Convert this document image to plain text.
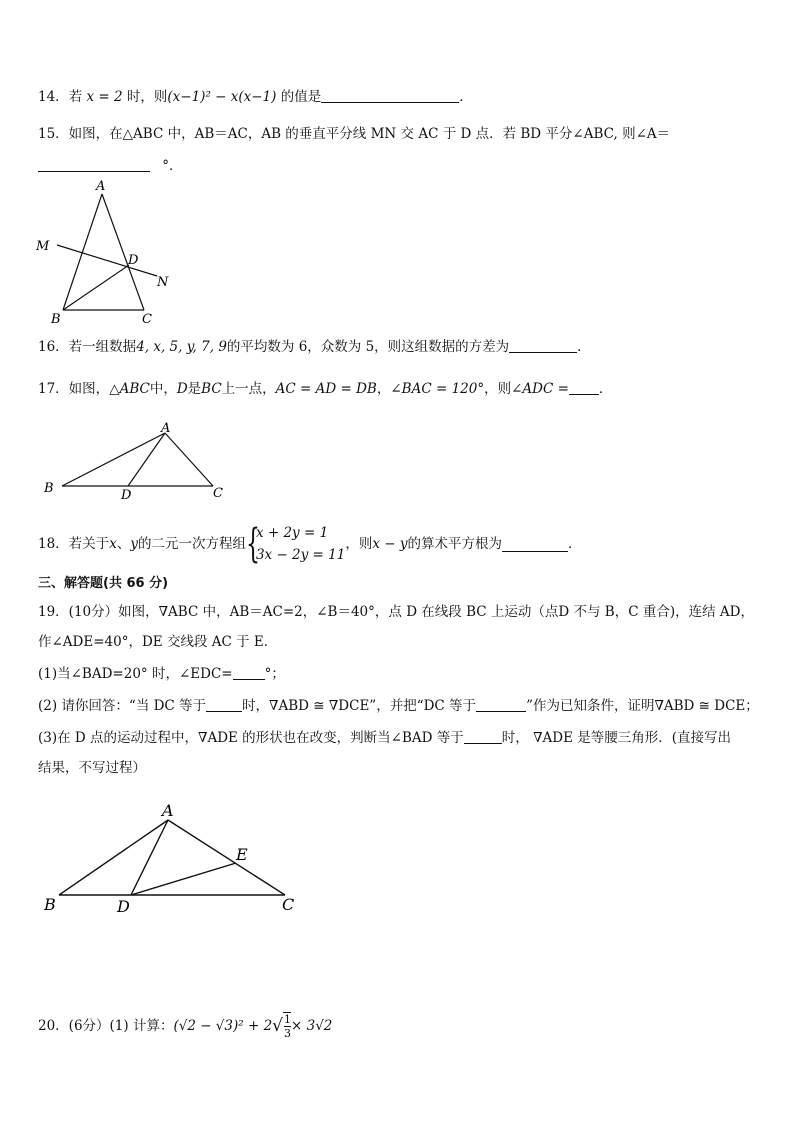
14．若 x = 2 时，则(x−1)² − x(x−1) 的值是	．
15．如图，在△ABC 中，AB＝AC，AB 的垂直平分线 MN 交 AC 于 D 点．若 BD 平分∠ABC, 则∠A＝
°．
A
M
D
N
B	C
16．若一组数据4, x, 5, y, 7, 9的平均数为 6，众数为 5，则这组数据的方差为	．
17．如图，△ABC中，D是BC上一点，AC = AD = DB，∠BAC = 120°，则∠ADC = ．
A
B	D	C
18．若关于x、y的二元一次方程组 {
x + 2y = 1
3x − 2y = 11
，则x − y的算术平方根为	．
三、解答题(共 66 分)
19．(10分）如图，∇ABC 中，AB＝AC=2，∠B＝40°，点 D 在线段 BC 上运动（点D 不与 B，C 重合)，连结 AD，
作∠ADE=40°，DE 交线段 AC 于 E．
(1)当∠BAD=20° 时，∠EDC= °；
(2) 请你回答：“当 DC 等于	时，∇ABD ≅ ∇DCE”，并把“DC 等于	”作为已知条件，证明∇ABD ≅ DCE；
(3)在 D 点的运动过程中，∇ADE 的形状也在改变，判断当∠BAD 等于	时， ∇ADE 是等腰三角形．(直接写出
结果，不写过程）
A
E
B	D	C
20．(6分）(1) 计算：$(√2 - √3)^2 + 2√ \frac{1}{3} \times 3√2$
